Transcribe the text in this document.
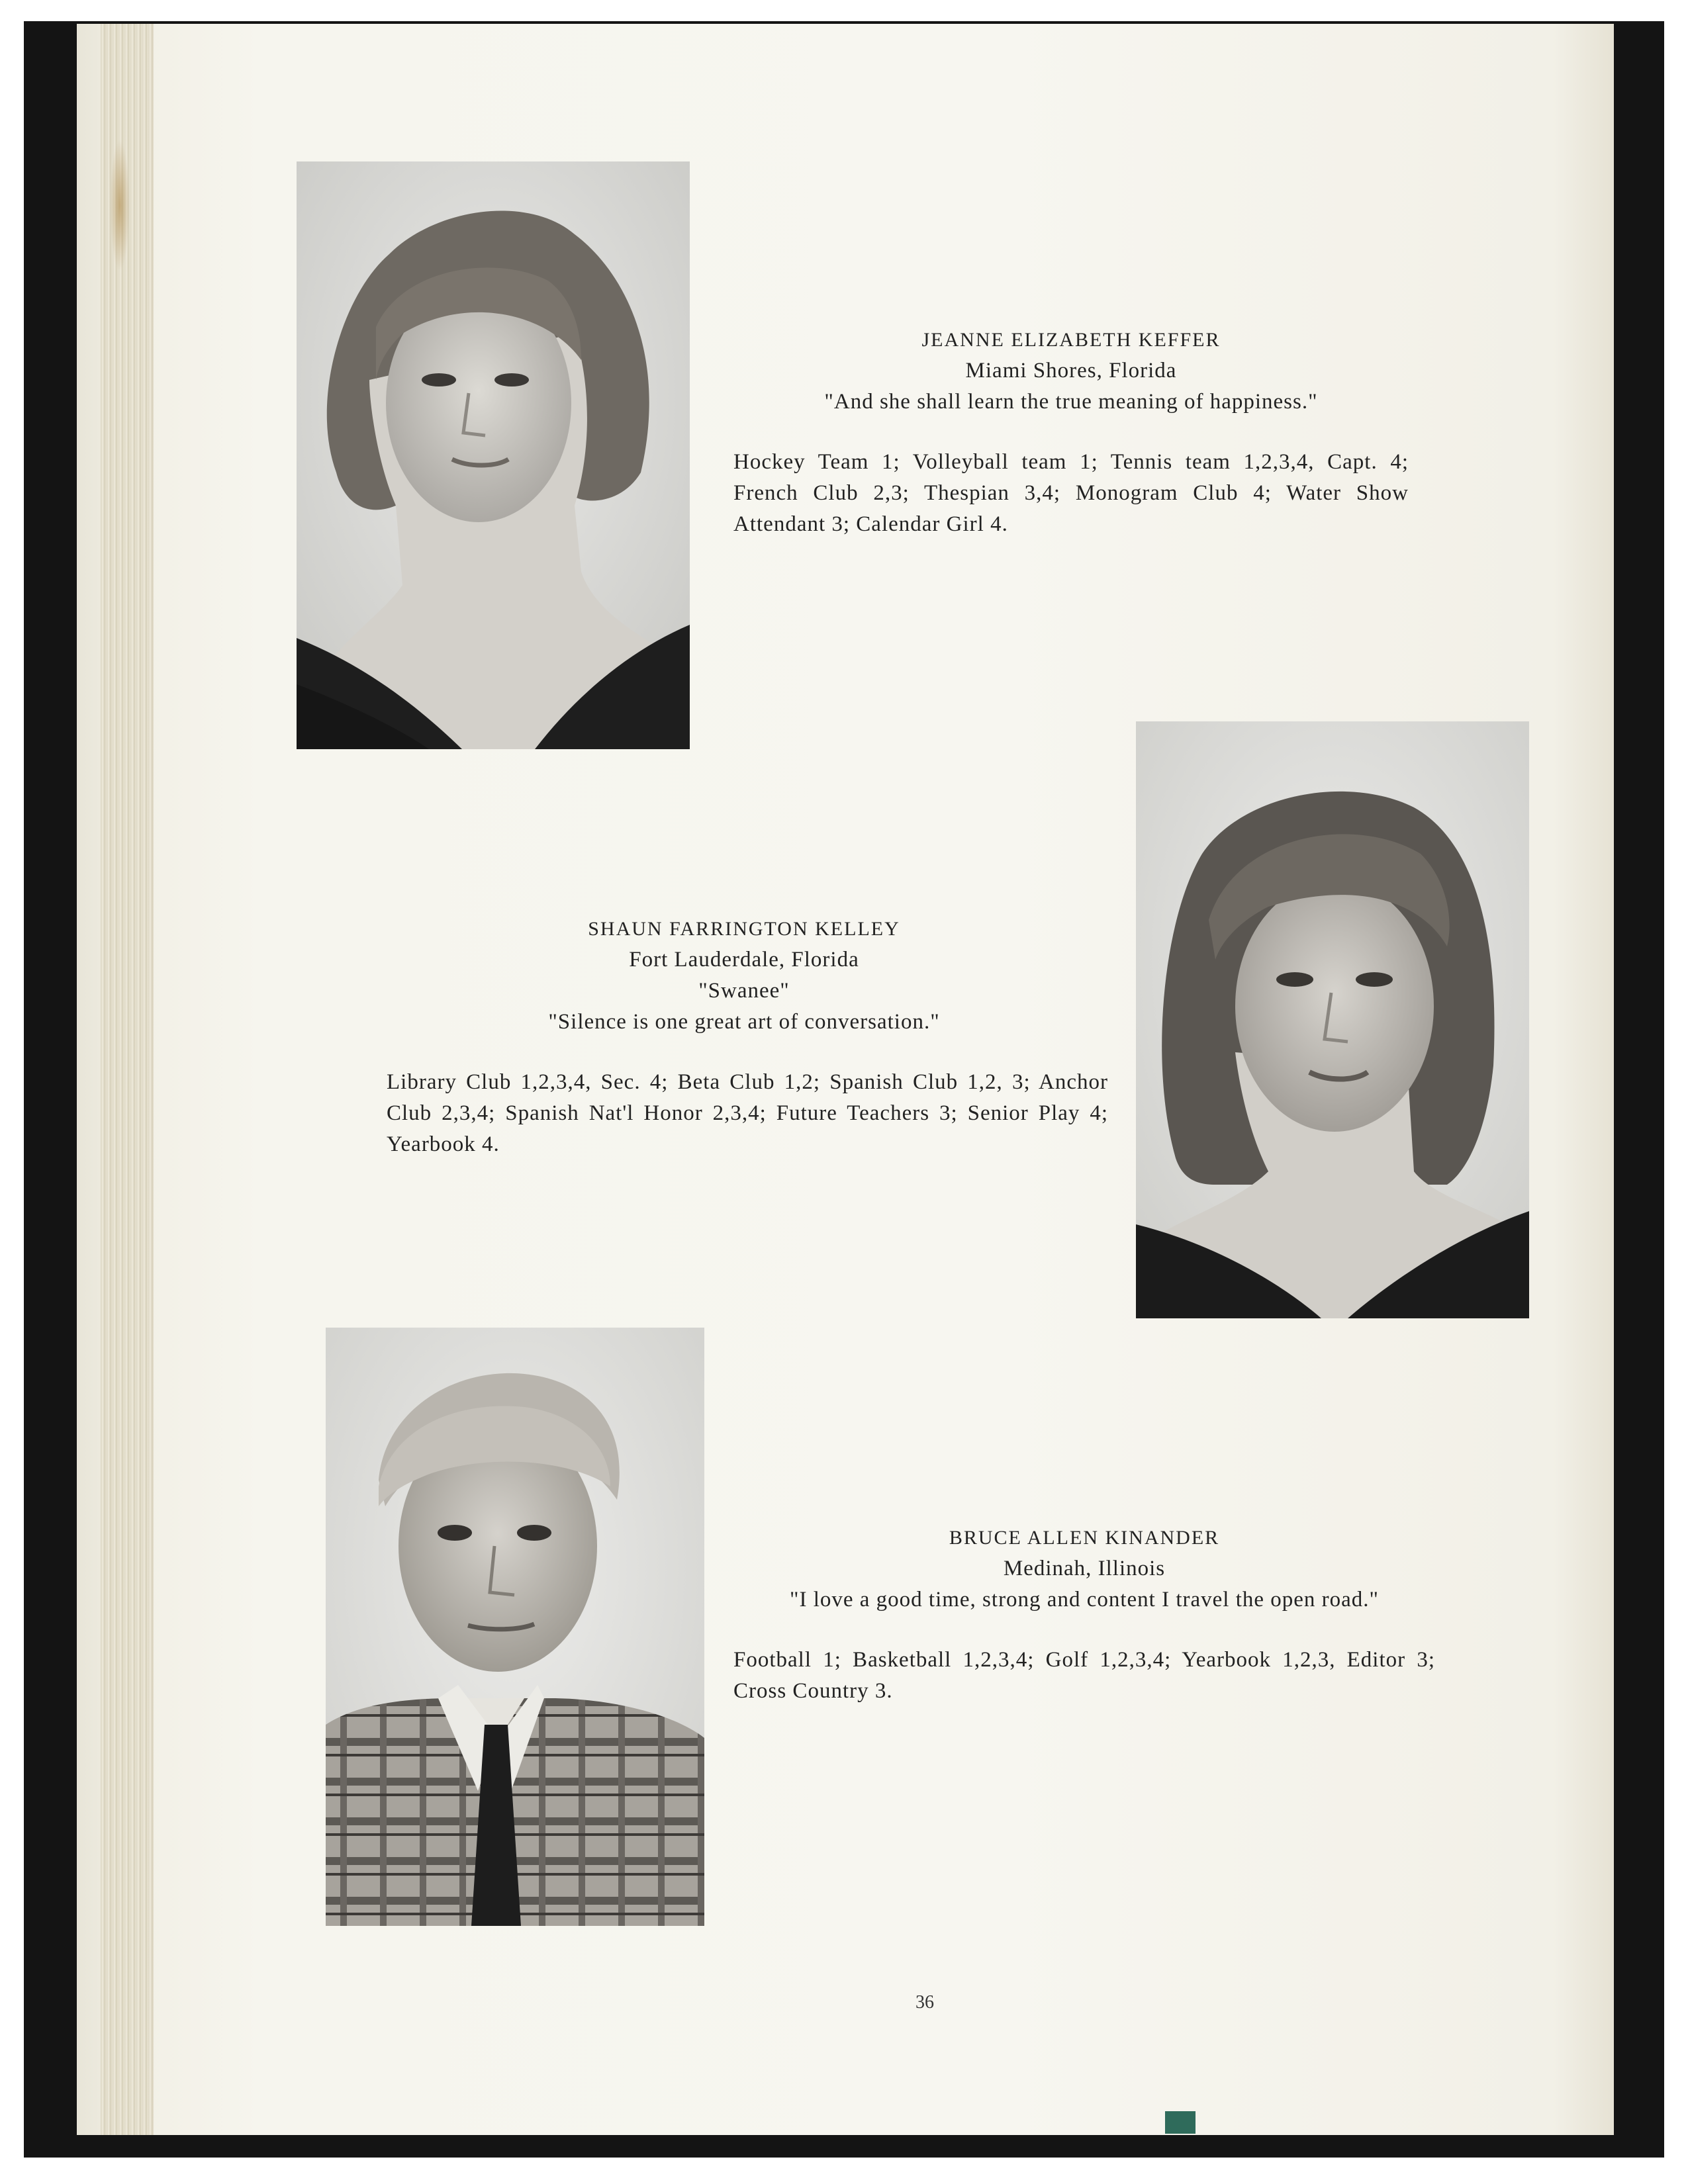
JEANNE ELIZABETH KEFFER
Miami Shores, Florida
"And she shall learn the true meaning of happiness."
Hockey Team 1; Volleyball team 1; Tennis team 1,2,3,4, Capt. 4; French Club 2,3; Thespian 3,4; Monogram Club 4; Water Show Attendant 3; Calendar Girl 4.
SHAUN FARRINGTON KELLEY
Fort Lauderdale, Florida
"Swanee"
"Silence is one great art of conversation."
Library Club 1,2,3,4, Sec. 4; Beta Club 1,2; Spanish Club 1,2, 3; Anchor Club 2,3,4; Spanish Nat'l Honor 2,3,4; Future Teachers 3; Senior Play 4; Yearbook 4.
BRUCE ALLEN KINANDER
Medinah, Illinois
"I love a good time, strong and content I travel the open road."
Football 1; Basketball 1,2,3,4; Golf 1,2,3,4; Yearbook 1,2,3, Editor 3; Cross Country 3.
36
